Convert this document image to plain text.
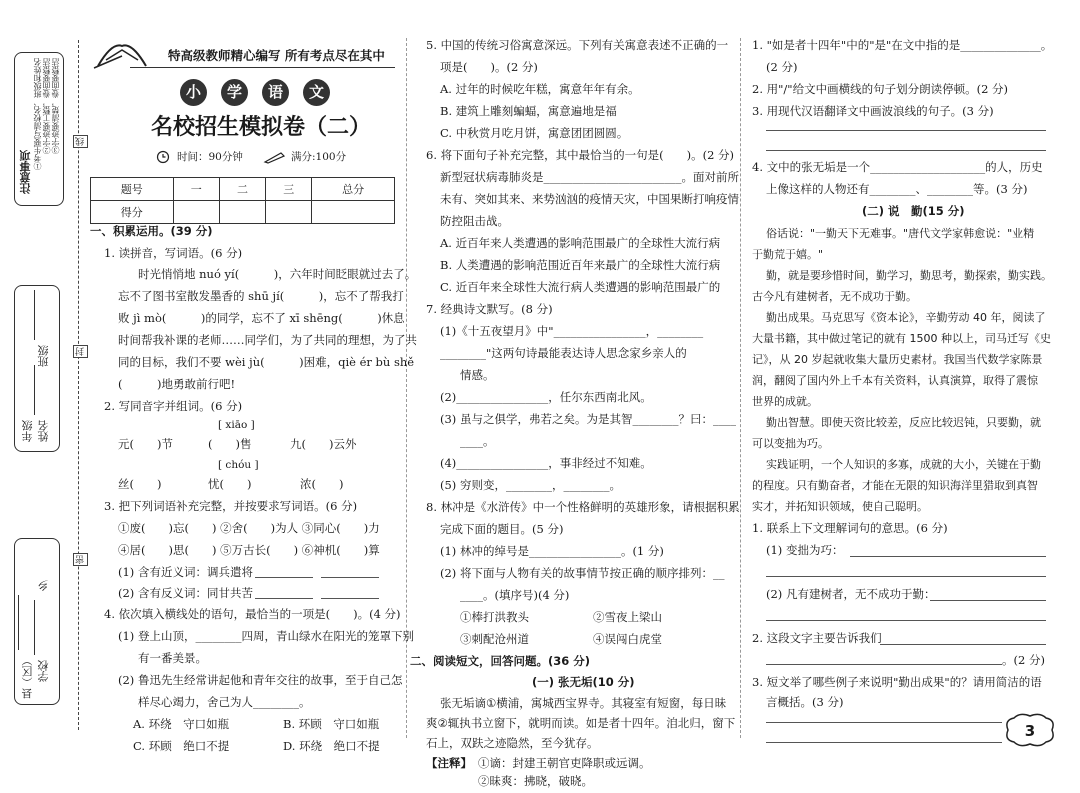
注意事项
①考生要写清校名、班级和姓名 ②字迹要工整，卷面要整洁 ③字迹要清楚，卷面要整洁
班级
年级 姓名
县（区）
乡
学校
线
封
密
特高级教师精心编写 所有考点尽在其中
小 学 语 文
名校招生模拟卷（二）
时间：90分钟	满分:100分
题号	一	二	三	总分
得分				
一、积累运用。(39 分)
1. 读拼音，写词语。(6 分)
时光悄悄地 nuó yí(　　　)，六年时间眨眼就过去了。
忘不了图书室散发墨香的 shū jí(　　　)，忘不了帮我打
败 jì mò(　　　)的同学，忘不了 xī shēng(　　　)休息
时间帮我补课的老师……同学们，为了共同的理想，为了共
同的目标，我们不要 wèi jù(　　　)困难，qiè ér bù shě
(　　　)地勇敢前行吧!
2. 写同音字并组词。(6 分)
[ xiāo ]
元(　　)节	(　　)售	九(　　)云外
[ chóu ]
丝(　　)	忧(　　)	浓(　　)
3. 把下列词语补充完整，并按要求写词语。(6 分)
①废(　　)忘(　　) ②舍(　　)为人 ③同心(　　)力
④居(　　)思(　　) ⑤万古长(　　) ⑥神机(　　)算
(1) 含有近义词：调兵遣将
(2) 含有反义词：同甘共苦
4. 依次填入横线处的语句，最恰当的一项是(　　)。(4 分)
(1) 登上山顶，________四周，青山绿水在阳光的笼罩下别
有一番美景。
(2) 鲁迅先生经常讲起他和青年交往的故事，至于自己怎
样尽心竭力，舍己为人________。
A. 环绕　守口如瓶	B. 环顾　守口如瓶
C. 环顾　绝口不提	D. 环绕　绝口不提
5. 中国的传统习俗寓意深远。下列有关寓意表述不正确的一
项是(　　)。(2 分)
A. 过年的时候吃年糕，寓意年年有余。
B. 建筑上雕刻蝙蝠，寓意遍地是福
C. 中秋赏月吃月饼，寓意团团圆圆。
6. 将下面句子补充完整，其中最恰当的一句是(　　)。(2 分)
新型冠状病毒肺炎是________________________。面对前所
未有、突如其来、来势汹汹的疫情天灾，中国果断打响疫情
防控阻击战。
A. 近百年来人类遭遇的影响范围最广的全球性大流行病
B. 人类遭遇的影响范围近百年来最广的全球性大流行病
C. 近百年来全球性大流行病人类遭遇的影响范围最广的
7. 经典诗文默写。(8 分)
(1)《十五夜望月》中"________________，________
________"这两句诗最能表达诗人思念家乡亲人的
情感。
(2)________________，任尔东西南北风。
(3) 虽与之俱学，弗若之矣。为是其智________？曰：____
____。
(4)________________，事非经过不知难。
(5) 穷则变，________，________。
8. 林冲是《水浒传》中一个性格鲜明的英雄形象，请根据积累
完成下面的题目。(5 分)
(1) 林冲的绰号是________________。(1 分)
(2) 将下面与人物有关的故事情节按正确的顺序排列：__
____。(填序号)(4 分)
①棒打洪教头	②雪夜上梁山
③刺配沧州道	④误闯白虎堂
二、阅读短文，回答问题。(36 分)
(一) 张无垢(10 分)
张无垢谪①横浦，寓城西宝界寺。其寝室有短窗，每日昧
爽②辄执书立窗下，就明而读。如是者十四年。洎北归，窗下
石上，双趺之迹隐然，至今犹存。
【注释】 ①谪：封建王朝官吏降职或远调。
②昧爽：拂晓，破晓。
1. "如是者十四年"中的"是"在文中指的是______________。
(2 分)
2. 用"/"给文中画横线的句子划分朗读停顿。(2 分)
3. 用现代汉语翻译文中画波浪线的句子。(3 分)
4. 文中的张无垢是一个____________________的人，历史
上像这样的人物还有________、________等。(3 分)
(二) 说　勤(15 分)
俗话说："一勤天下无难事。"唐代文学家韩愈说："业精
于勤荒于嬉。"
勤，就是要珍惜时间，勤学习，勤思考，勤探索，勤实践。
古今凡有建树者，无不成功于勤。
勤出成果。马克思写《资本论》，辛勤劳动 40 年，阅读了
大量书籍，其中做过笔记的就有 1500 种以上，司马迁写《史
记》，从 20 岁起就收集大量历史素材。我国当代数学家陈景
润，翻阅了国内外上千本有关资料，认真演算，取得了震惊
世界的成就。
勤出智慧。即使天资比较差，反应比较迟钝，只要勤，就
可以变拙为巧。
实践证明，一个人知识的多寡，成就的大小，关键在于勤
的程度。只有勤奋者，才能在无限的知识海洋里猎取到真智
实才，并拓知识领域，使自己聪明。
1. 联系上下文理解词句的意思。(6 分)
(1) 变拙为巧：
(2) 凡有建树者，无不成功于勤：
2. 这段文字主要告诉我们
。(2 分)
3. 短文举了哪些例子来说明"勤出成果"的？请用简洁的语
言概括。(3 分)
3
